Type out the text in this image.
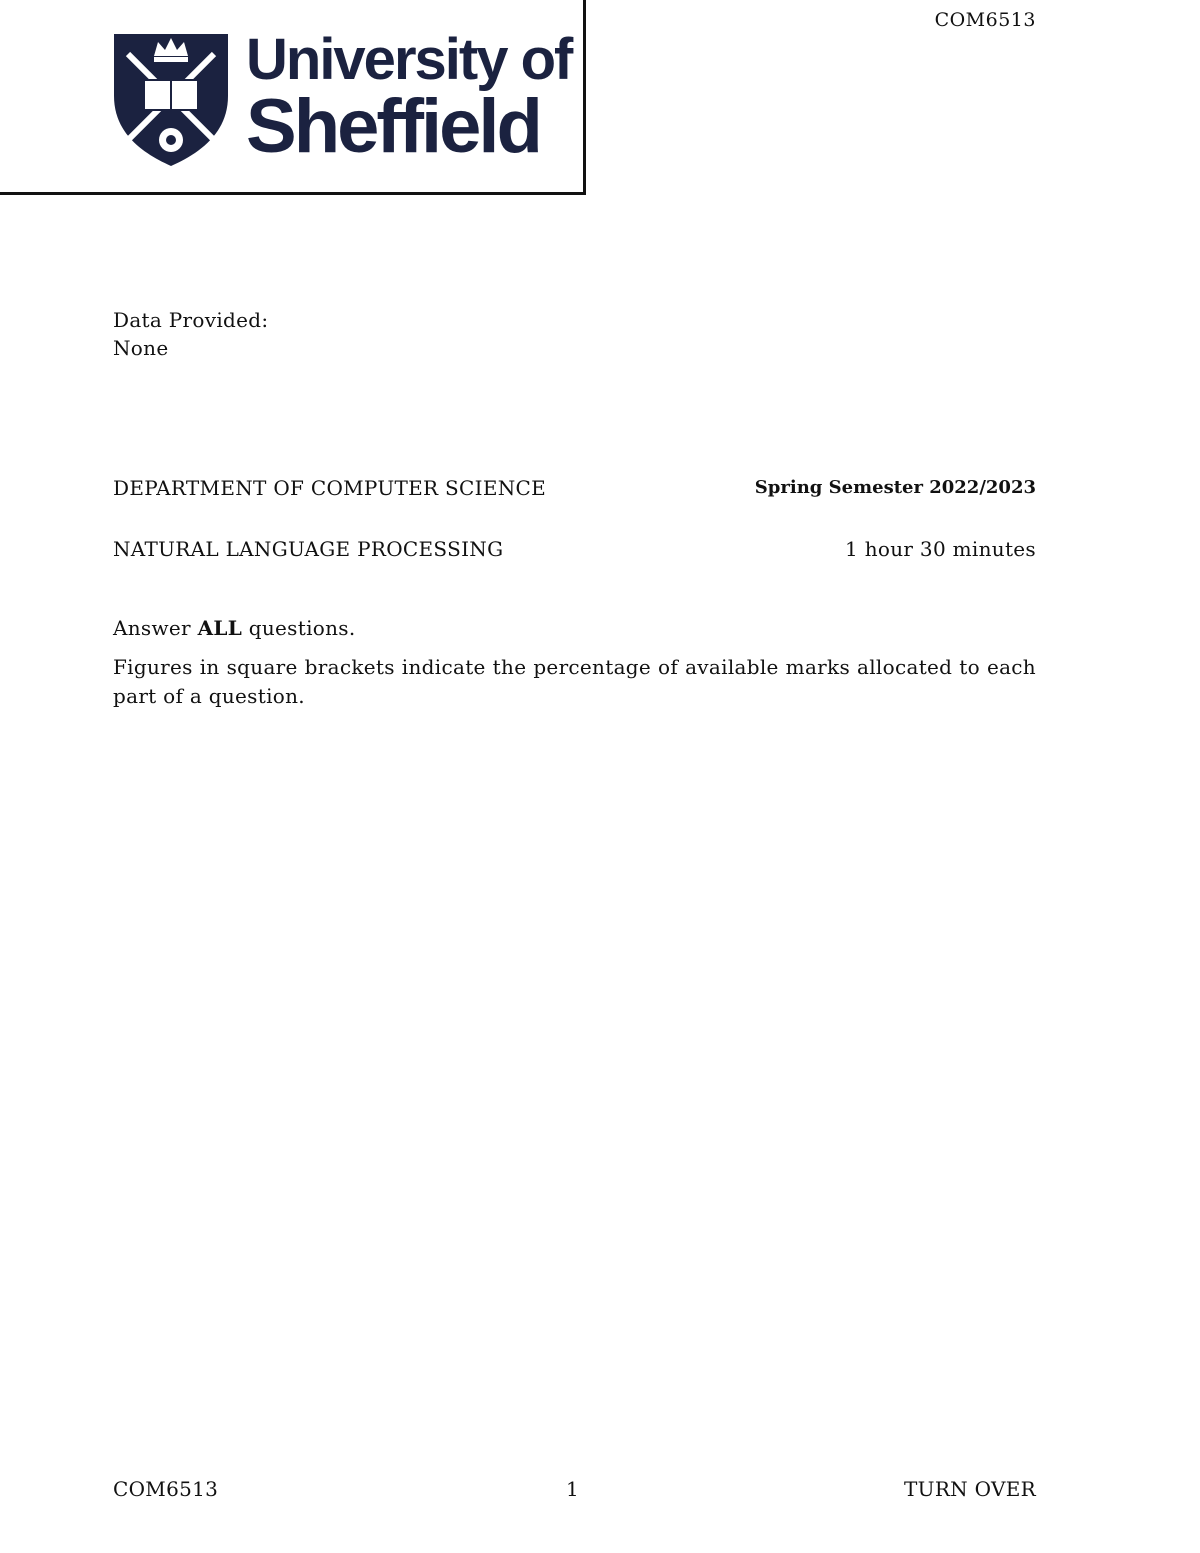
University of
Sheffield
COM6513
Data Provided:
None
DEPARTMENT OF COMPUTER SCIENCE	Spring Semester 2022/2023
NATURAL LANGUAGE PROCESSING	1 hour 30 minutes
Answer ALL questions.
Figures in square brackets indicate the percentage of available marks allocated to each part of a question.
COM6513	1	TURN OVER
